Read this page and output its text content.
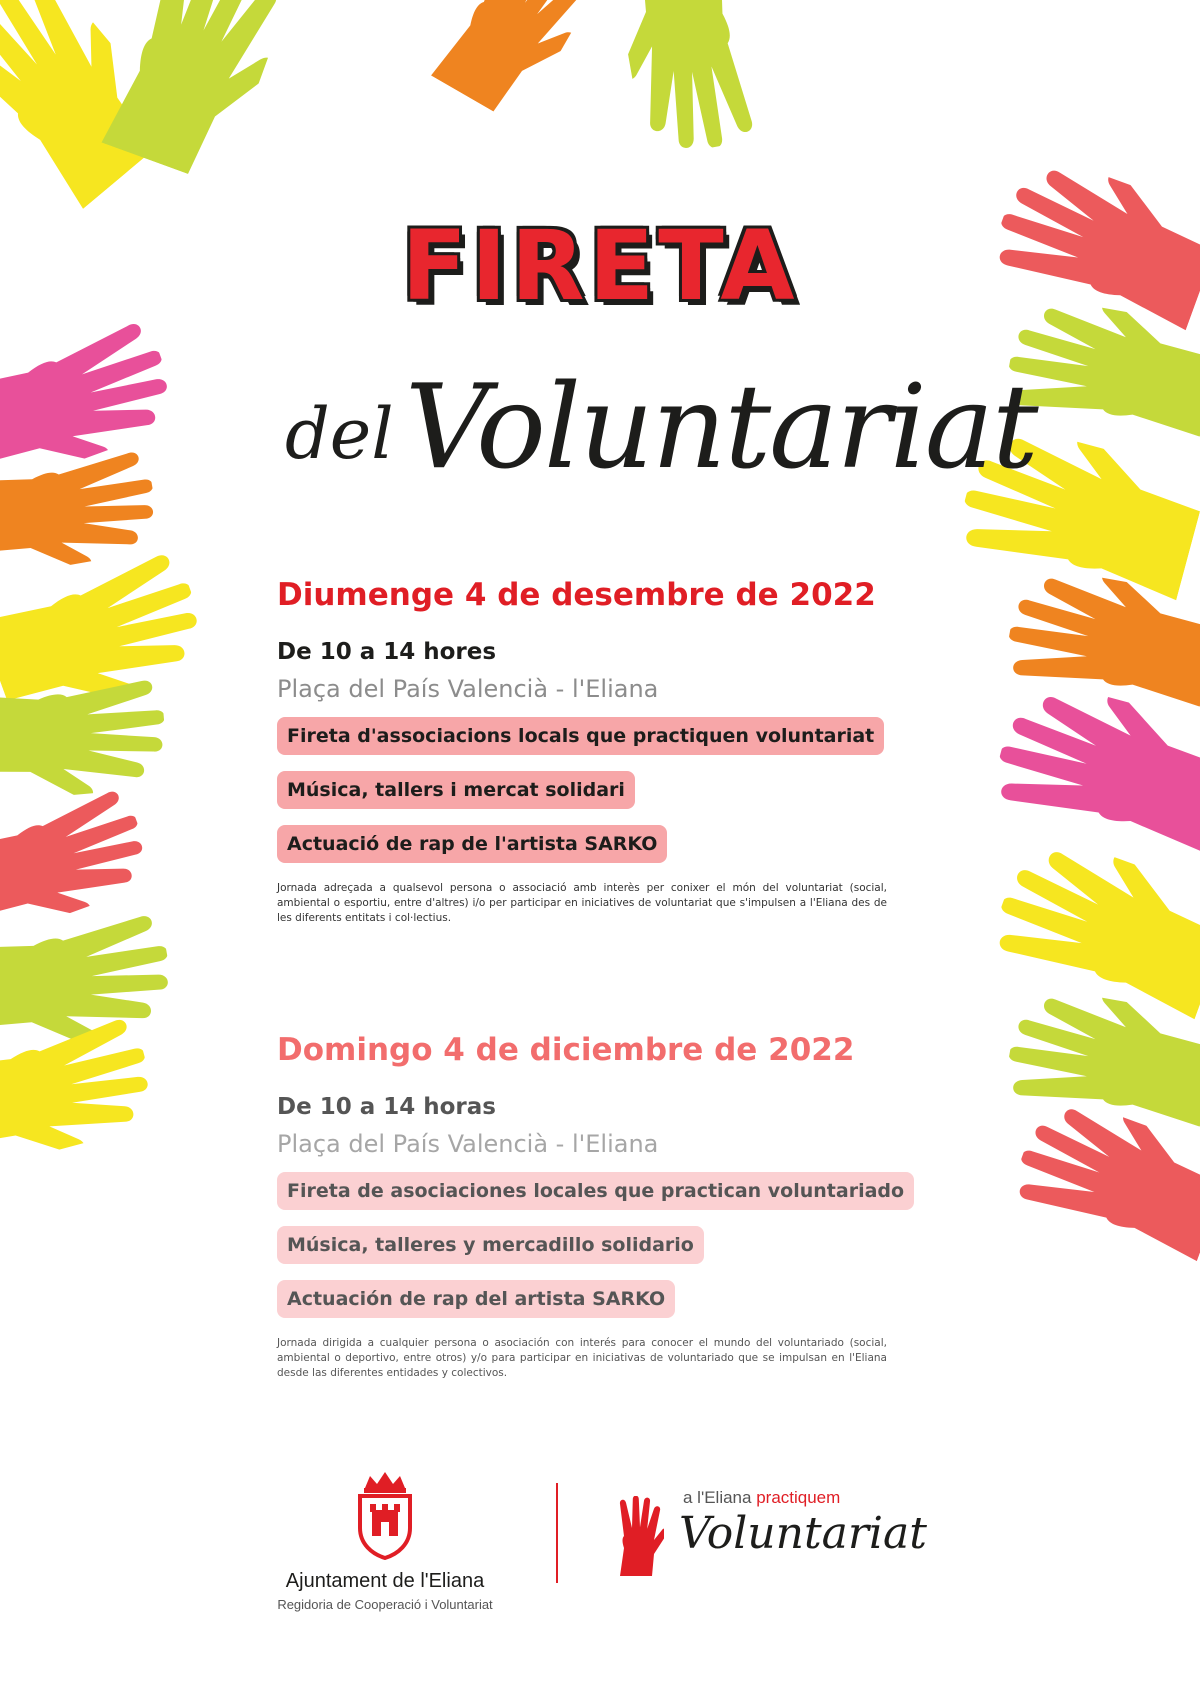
FIRETA
del Voluntariat
Diumenge 4 de desembre de 2022
De 10 a 14 hores
Plaça del País Valencià - l'Eliana
Fireta d'associacions locals que practiquen voluntariat
Música, tallers i mercat solidari
Actuació de rap de l'artista SARKO
Jornada adreçada a qualsevol persona o associació amb interès per conixer el món del voluntariat (social, ambiental o esportiu, entre d'altres) i/o per participar en iniciatives de voluntariat que s'impulsen a l'Eliana des de les diferents entitats i col·lectius.
Domingo 4 de diciembre de 2022
De 10 a 14 horas
Plaça del País Valencià - l'Eliana
Fireta de asociaciones locales que practican voluntariado
Música, talleres y mercadillo solidario
Actuación de rap del artista SARKO
Jornada dirigida a cualquier persona o asociación con interés para conocer el mundo del voluntariado (social, ambiental o deportivo, entre otros) y/o para participar en iniciativas de voluntariado que se impulsan en l'Eliana desde las diferentes entidades y colectivos.
Ajuntament de l'Eliana
Regidoria de Cooperació i Voluntariat
a l'Eliana practiquem
Voluntariat
